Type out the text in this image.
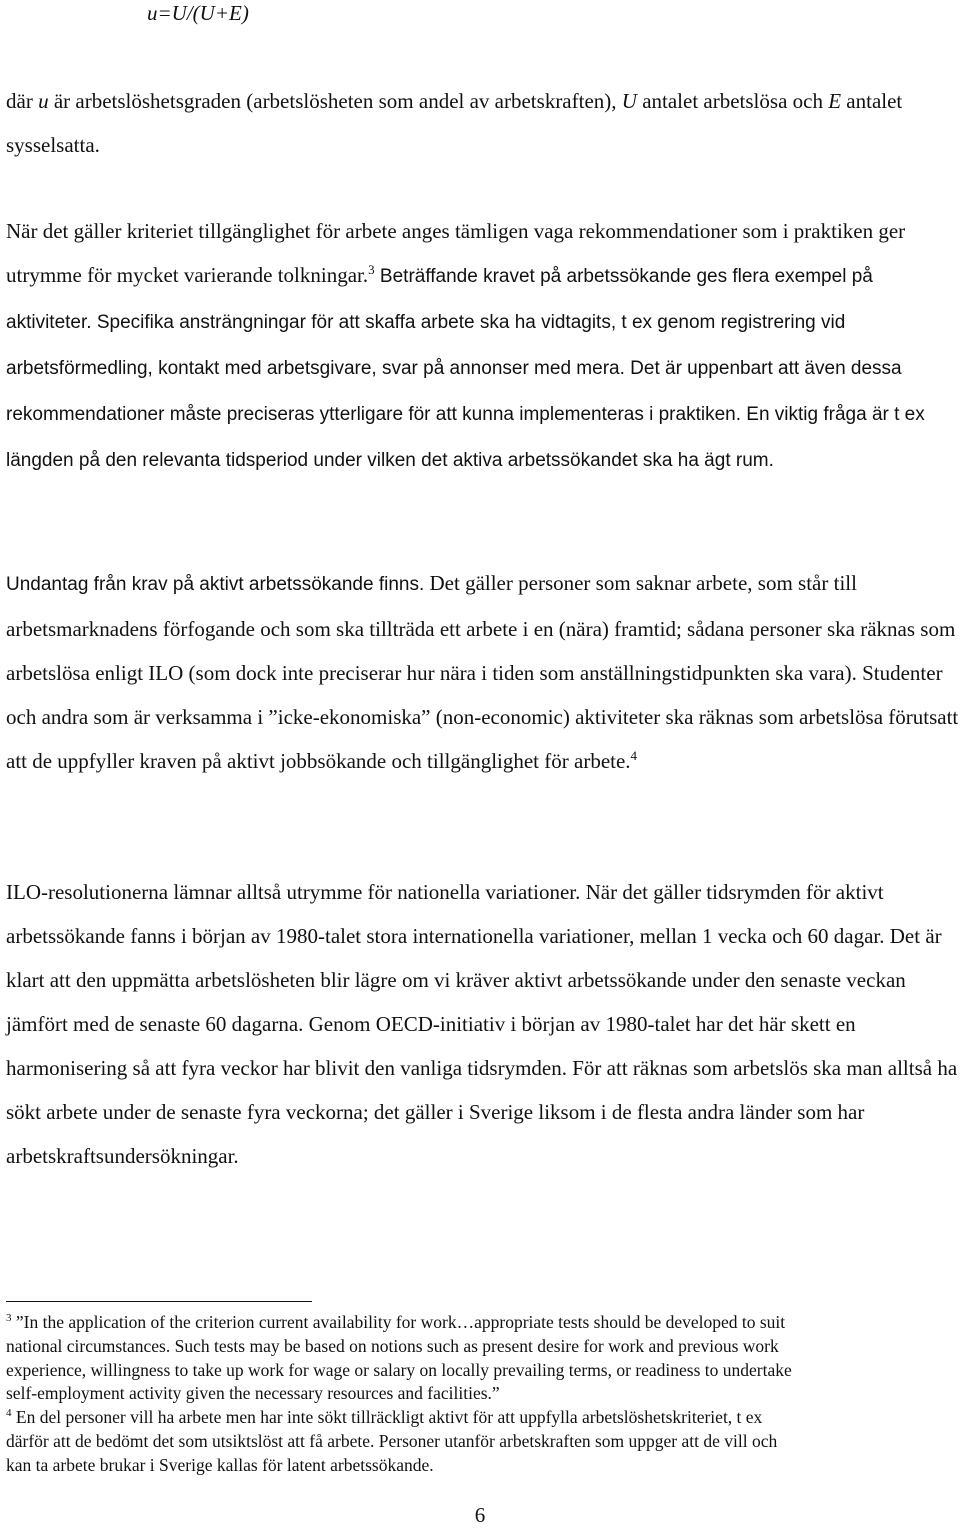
u=U/(U+E)

där u är arbetslöshetsgraden (arbetslösheten som andel av arbetskraften), U antalet arbetslösa och E antalet sysselsatta.

När det gäller kriteriet tillgänglighet för arbete anges tämligen vaga rekommendationer som i praktiken ger utrymme för mycket varierande tolkningar.$^3$ Beträffande kravet på arbetssökande ges flera exempel på aktiviteter. Specifika ansträngningar för att skaffa arbete ska ha vidtagits, t ex genom registrering vid arbetsförmedling, kontakt med arbetsgivare, svar på annonser med mera. Det är uppenbart att även dessa rekommendationer måste preciseras ytterligare för att kunna implementeras i praktiken. En viktig fråga är t ex längden på den relevanta tidsperiod under vilken det aktiva arbetssökandet ska ha ägt rum.

Undantag från krav på aktivt arbetssökande finns. Det gäller personer som saknar arbete, som står till arbetsmarknadens förfogande och som ska tillträda ett arbete i en (nära) framtid; sådana personer ska räknas som arbetslösa enligt ILO (som dock inte preciserar hur nära i tiden som anställningstidpunkten ska vara). Studenter och andra som är verksamma i ”icke-ekonomiska” (non-economic) aktiviteter ska räknas som arbetslösa förutsatt att de uppfyller kraven på aktivt jobbsökande och tillgänglighet för arbete.$^4$

ILO-resolutionerna lämnar alltså utrymme för nationella variationer. När det gäller tidsrymden för aktivt arbetssökande fanns i början av 1980-talet stora internationella variationer, mellan 1 vecka och 60 dagar. Det är klart att den uppmätta arbetslösheten blir lägre om vi kräver aktivt arbetssökande under den senaste veckan jämfört med de senaste 60 dagarna. Genom OECD-initiativ i början av 1980-talet har det här skett en harmonisering så att fyra veckor har blivit den vanliga tidsrymden. För att räknas som arbetslös ska man alltså ha sökt arbete under de senaste fyra veckorna; det gäller i Sverige liksom i de flesta andra länder som har arbetskraftsundersökningar.

$^3$ ”In the application of the criterion current availability for work…appropriate tests should be developed to suit
national circumstances. Such tests may be based on notions such as present desire for work and previous work
experience, willingness to take up work for wage or salary on locally prevailing terms, or readiness to undertake
self-employment activity given the necessary resources and facilities.”
$^4$ En del personer vill ha arbete men har inte sökt tillräckligt aktivt för att uppfylla arbetslöshetskriteriet, t ex
därför att de bedömt det som utsiktslöst att få arbete. Personer utanför arbetskraften som uppger att de vill och
kan ta arbete brukar i Sverige kallas för latent arbetssökande.
6
